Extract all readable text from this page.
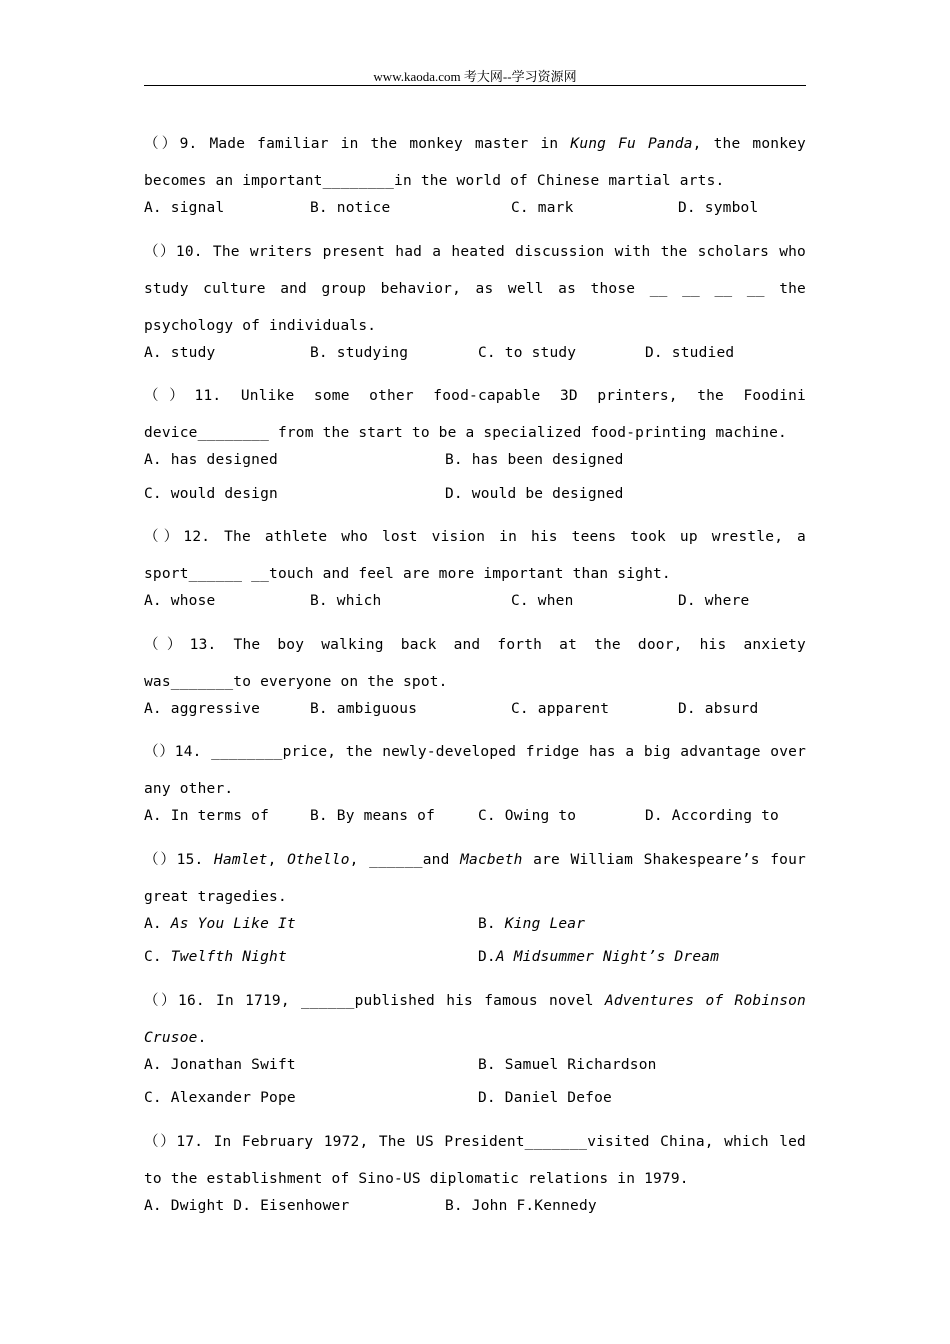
www.kaoda.com 考大网--学习资源网

（）9. Made familiar in the monkey master in Kung Fu Panda, the monkey becomes an important________in the world of Chinese martial arts.

A. signal	B. notice	C. mark	D. symbol

（）10. The writers present had a heated discussion with the scholars who study culture and group behavior, as well as those __ __ __ __ the psychology of individuals.

A. study	B. studying	C. to study	D. studied

（）11. Unlike some other food-capable 3D printers, the Foodini device________ from the start to be a specialized food-printing machine.

A. has designed	B. has been designed
C. would design	D. would be designed

（）12. The athlete who lost vision in his teens took up wrestle, a sport______ __touch and feel are more important than sight.

A. whose	B. which	C. when	D. where

（）13. The boy walking back and forth at the door, his anxiety was_______to everyone on the spot.

A. aggressive	B. ambiguous	C. apparent	D. absurd

（）14. ________price, the newly-developed fridge has a big advantage over any other.

A. In terms of	B. By means of	C. Owing to	D. According to

（）15. Hamlet, Othello, ______and Macbeth are William Shakespeare’s four great tragedies.

A. As You Like It	B. King Lear
C. Twelfth Night	D.A Midsummer Night’s Dream

（）16. In 1719, ______published his famous novel Adventures of Robinson Crusoe.

A. Jonathan Swift	B. Samuel Richardson
C. Alexander Pope	D. Daniel Defoe

（）17. In February 1972, The US President_______visited China, which led to the establishment of Sino-US diplomatic relations in 1979.

A. Dwight D. Eisenhower	B. John F.Kennedy
